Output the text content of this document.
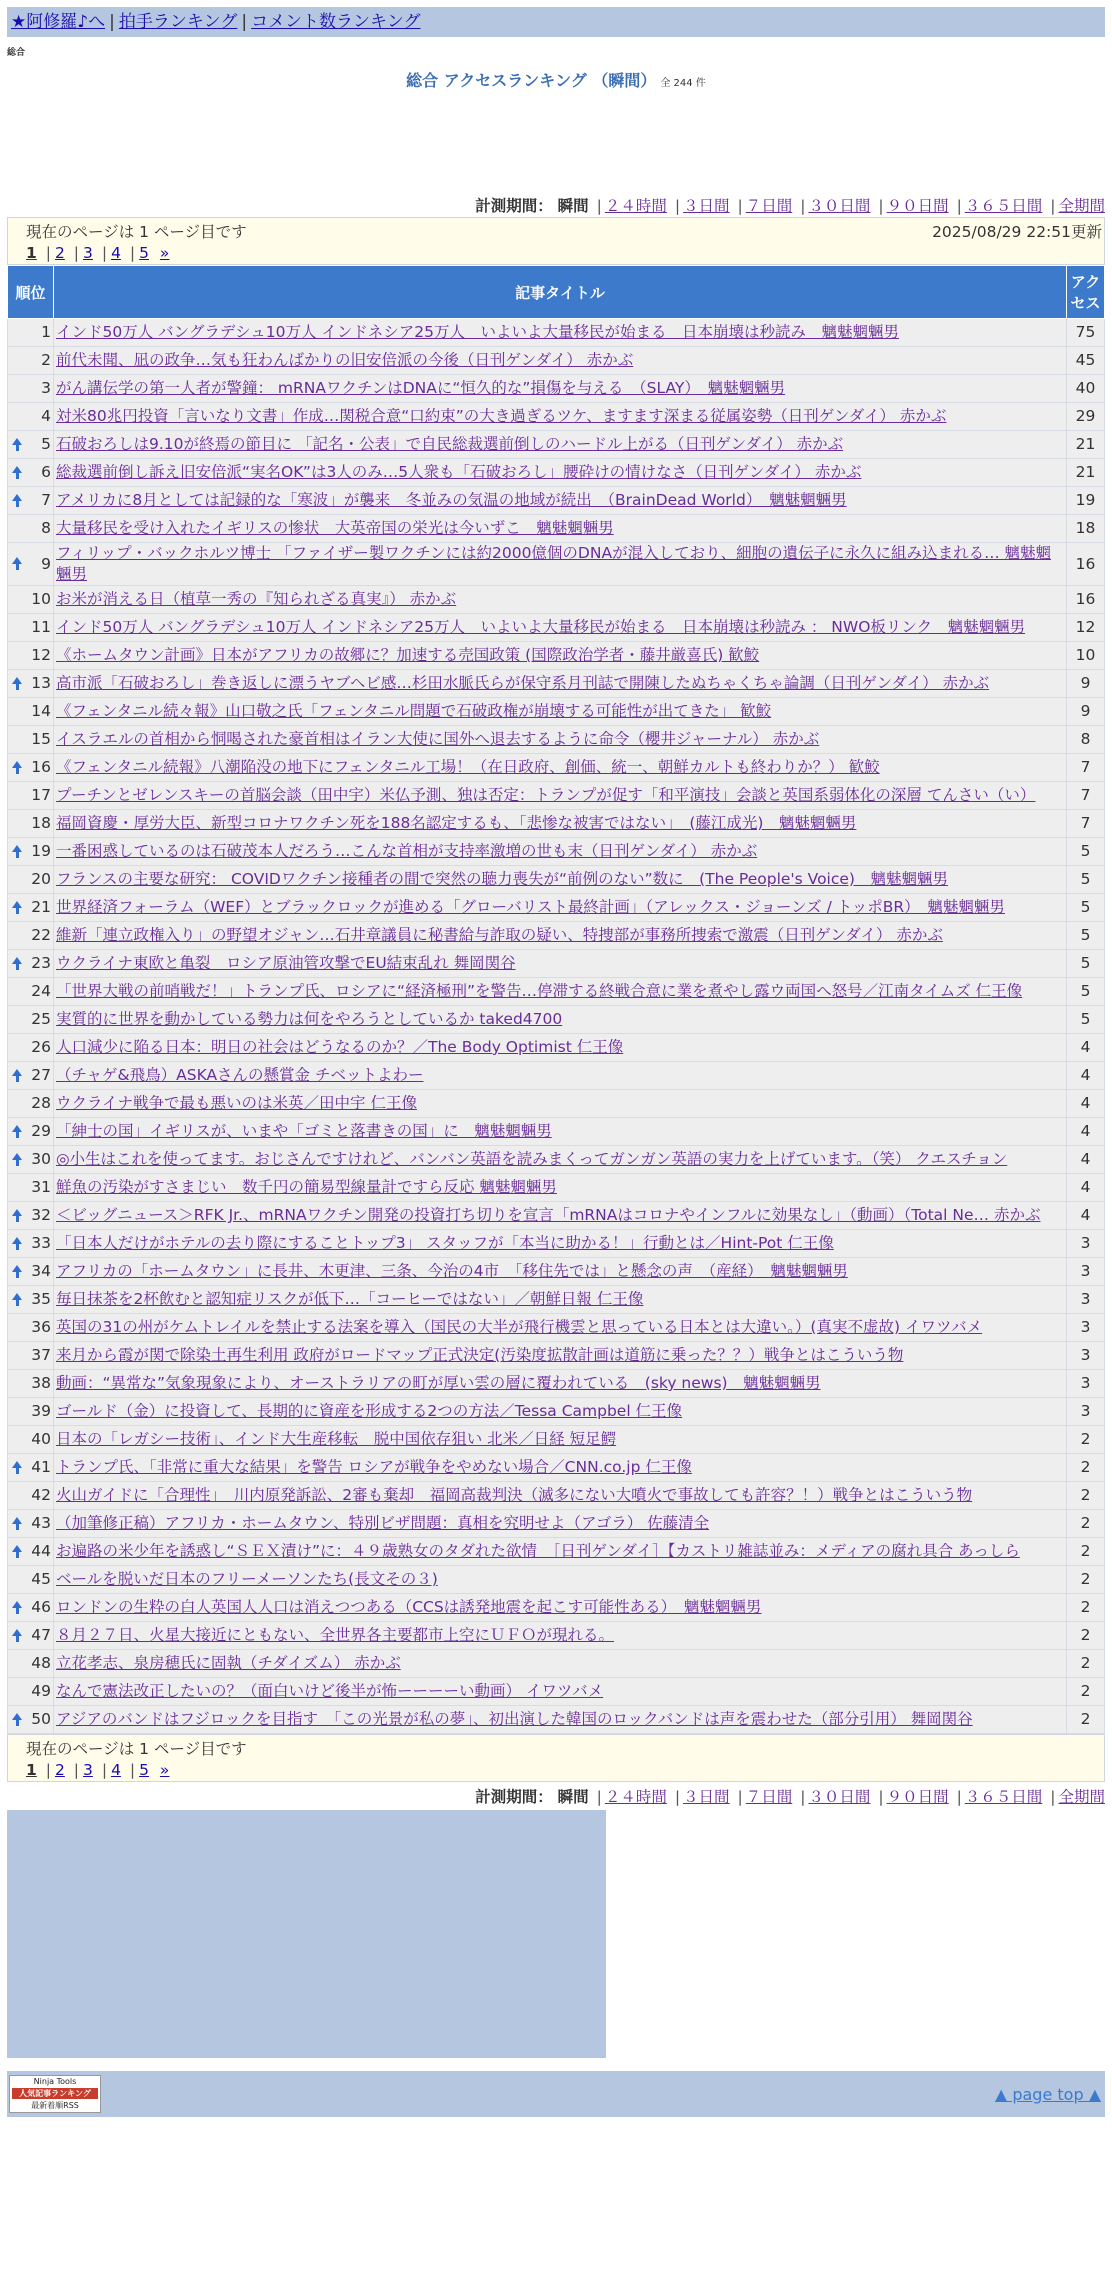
★阿修羅♪へ | 拍手ランキング | コメント数ランキング
総合
総合 アクセスランキング （瞬間） 全 244 件
計測期間： 瞬間 | ２４時間 | ３日間 | ７日間 | ３０日間 | ９０日間 | ３６５日間 | 全期間
現在のページは 1 ページ目です	2025/08/29 22:51更新
1 | 2 | 3 | 4 | 5 »
順位	記事タイトル	アクセス
1	インド50万人 バングラデシュ10万人 インドネシア25万人　いよいよ大量移民が始まる　日本崩壊は秒読み　魑魅魍魎男	75
2	前代未聞、凪の政争…気も狂わんばかりの旧安倍派の今後（日刊ゲンダイ） 赤かぶ	45
3	がん講伝学の第一人者が警鐘： mRNAワクチンはDNAに“恒久的な”損傷を与える　（SLAY）　魑魅魍魎男	40
4	対米80兆円投資「言いなり文書」作成…関税合意“口約束”の大き過ぎるツケ、ますます深まる従属姿勢（日刊ゲンダイ） 赤かぶ	29

5	石破おろしは9.10が終焉の節目に 「記名・公表」で自民総裁選前倒しのハードル上がる（日刊ゲンダイ） 赤かぶ	21

6	総裁選前倒し訴え旧安倍派“実名OK”は3人のみ…5人衆も「石破おろし」腰砕けの情けなさ（日刊ゲンダイ） 赤かぶ	21

7	アメリカに8月としては記録的な「寒波」が襲来　冬並みの気温の地域が続出　（BrainDead World）　魑魅魍魎男	19
8	大量移民を受け入れたイギリスの惨状　大英帝国の栄光は今いずこ　魑魅魍魎男	18

9	フィリップ・バックホルツ博士 「ファイザー製ワクチンには約2000億個のDNAが混入しており、細胞の遺伝子に永久に組み込まれる… 魑魅魍魎男	16
10	お米が消える日（植草一秀の『知られざる真実』） 赤かぶ	16
11	インド50万人 バングラデシュ10万人 インドネシア25万人　いよいよ大量移民が始まる　日本崩壊は秒読み ： NWO板リンク　魑魅魍魎男	12
12	《ホームタウン計画》日本がアフリカの故郷に？加速する売国政策 (国際政治学者・藤井厳喜氏) 歓鮫	10

13	高市派「石破おろし」巻き返しに漂うヤブヘビ感…杉田水脈氏らが保守系月刊誌で開陳したぬちゃくちゃ論調（日刊ゲンダイ） 赤かぶ	9
14	《フェンタニル続々報》山口敬之氏「フェンタニル問題で石破政権が崩壊する可能性が出てきた」 歓鮫	9
15	イスラエルの首相から恫喝された豪首相はイラン大使に国外へ退去するように命令（櫻井ジャーナル） 赤かぶ	8

16	《フェンタニル続報》八潮陥没の地下にフェンタニル工場！（在日政府、創価、統一、朝鮮カルトも終わりか？） 歓鮫	7
17	プーチンとゼレンスキーの首脳会談（田中宇）米仏予測、独は否定：トランプが促す「和平演技」会談と英国系弱体化の深層 てんさい（い）	7
18	福岡資慶・厚労大臣、新型コロナワクチン死を188名認定するも、「悲惨な被害ではない」　(藤江成光)　魑魅魍魎男	7

19	一番困惑しているのは石破茂本人だろう…こんな首相が支持率激増の世も末（日刊ゲンダイ） 赤かぶ	5
20	フランスの主要な研究： COVIDワクチン接種者の間で突然の聴力喪失が“前例のない”数に　(The People's Voice)　魑魅魍魎男	5

21	世界経済フォーラム（WEF）とブラックロックが進める「グローバリスト最終計画」（アレックス・ジョーンズ / トッポBR）　魑魅魍魎男	5
22	維新「連立政権入り」の野望オジャン…石井章議員に秘書給与詐取の疑い、特捜部が事務所捜索で激震（日刊ゲンダイ） 赤かぶ	5

23	ウクライナ東欧と亀裂　ロシア原油管攻撃でEU結束乱れ 舞岡関谷	5
24	「世界大戦の前哨戦だ！」トランプ氏、ロシアに“経済極刑”を警告…停滞する終戦合意に業を煮やし露ウ両国へ怒号／江南タイムズ 仁王像	5
25	実質的に世界を動かしている勢力は何をやろうとしているか taked4700	5
26	人口減少に陥る日本：明日の社会はどうなるのか？／The Body Optimist 仁王像	4

27	（チャゲ&飛鳥）ASKAさんの懸賞金 チベットよわー	4
28	ウクライナ戦争で最も悪いのは米英／田中宇 仁王像	4

29	「紳士の国」イギリスが、いまや「ゴミと落書きの国」に　魑魅魍魎男	4

30	◎小生はこれを使ってます。おじさんですけれど、バンバン英語を読みまくってガンガン英語の実力を上げています。（笑） クエスチョン	4
31	鮮魚の汚染がすさまじい　数千円の簡易型線量計ですら反応 魑魅魍魎男	4

32	＜ビッグニュース＞RFK Jr.、mRNAワクチン開発の投資打ち切りを宣言「mRNAはコロナやインフルに効果なし」（動画）（Total Ne… 赤かぶ	4

33	「日本人だけがホテルの去り際にすることトップ3」 スタッフが「本当に助かる！」行動とは／Hint-Pot 仁王像	3

34	アフリカの「ホームタウン」に長井、木更津、三条、今治の4市　「移住先では」と懸念の声　（産経）　魑魅魍魎男	3

35	毎日抹茶を2杯飲むと認知症リスクが低下…「コーヒーではない」／朝鮮日報 仁王像	3
36	英国の31の州がケムトレイルを禁止する法案を導入（国民の大半が飛行機雲と思っている日本とは大違い。）(真実不虚故) イワツバメ	3
37	来月から霞が関で除染土再生利用 政府がロードマップ正式決定(汚染度拡散計画は道筋に乗った？？）戦争とはこういう物	3
38	動画：“異常な”気象現象により、オーストラリアの町が厚い雲の層に覆われている　(sky news)　魑魅魍魎男	3
39	ゴールド（金）に投資して、長期的に資産を形成する2つの方法／Tessa Campbel 仁王像	3
40	日本の「レガシー技術」、インド大生産移転　脱中国依存狙い 北米／日経 短足鰐	2

41	トランプ氏、「非常に重大な結果」を警告 ロシアが戦争をやめない場合／CNN.co.jp 仁王像	2
42	火山ガイドに「合理性」　川内原発訴訟、2審も棄却　福岡高裁判決（滅多にない大噴火で事故しても許容？！）戦争とはこういう物	2

43	（加筆修正稿）アフリカ・ホームタウン、特別ビザ問題：真相を究明せよ（アゴラ） 佐藤清全	2

44	お遍路の米少年を誘惑し“ＳＥＸ漬け”に：４９歳熟女のタダれた欲情　［日刊ゲンダイ］【カストリ雑誌並み：メディアの腐れ具合 あっしら	2
45	ベールを脱いだ日本のフリーメーソンたち(長文その３)	2

46	ロンドンの生粋の白人英国人人口は消えつつある（CCSは誘発地震を起こす可能性ある）　魑魅魍魎男	2

47	８月２７日、火星大接近にともない、全世界各主要都市上空にＵＦＯが現れる。	2
48	立花孝志、泉房穂氏に固執（チダイズム） 赤かぶ	2
49	なんで憲法改正したいの？（面白いけど後半が怖ーーーーい動画） イワツバメ	2

50	アジアのバンドはフジロックを目指す　「この光景が私の夢」、初出演した韓国のロックバンドは声を震わせた（部分引用） 舞岡関谷	2
現在のページは 1 ページ目です
1 | 2 | 3 | 4 | 5 »
計測期間： 瞬間 | ２４時間 | ３日間 | ７日間 | ３０日間 | ９０日間 | ３６５日間 | 全期間
Ninja Tools
人気記事ランキング
最新着順RSS
▲ page top ▲
